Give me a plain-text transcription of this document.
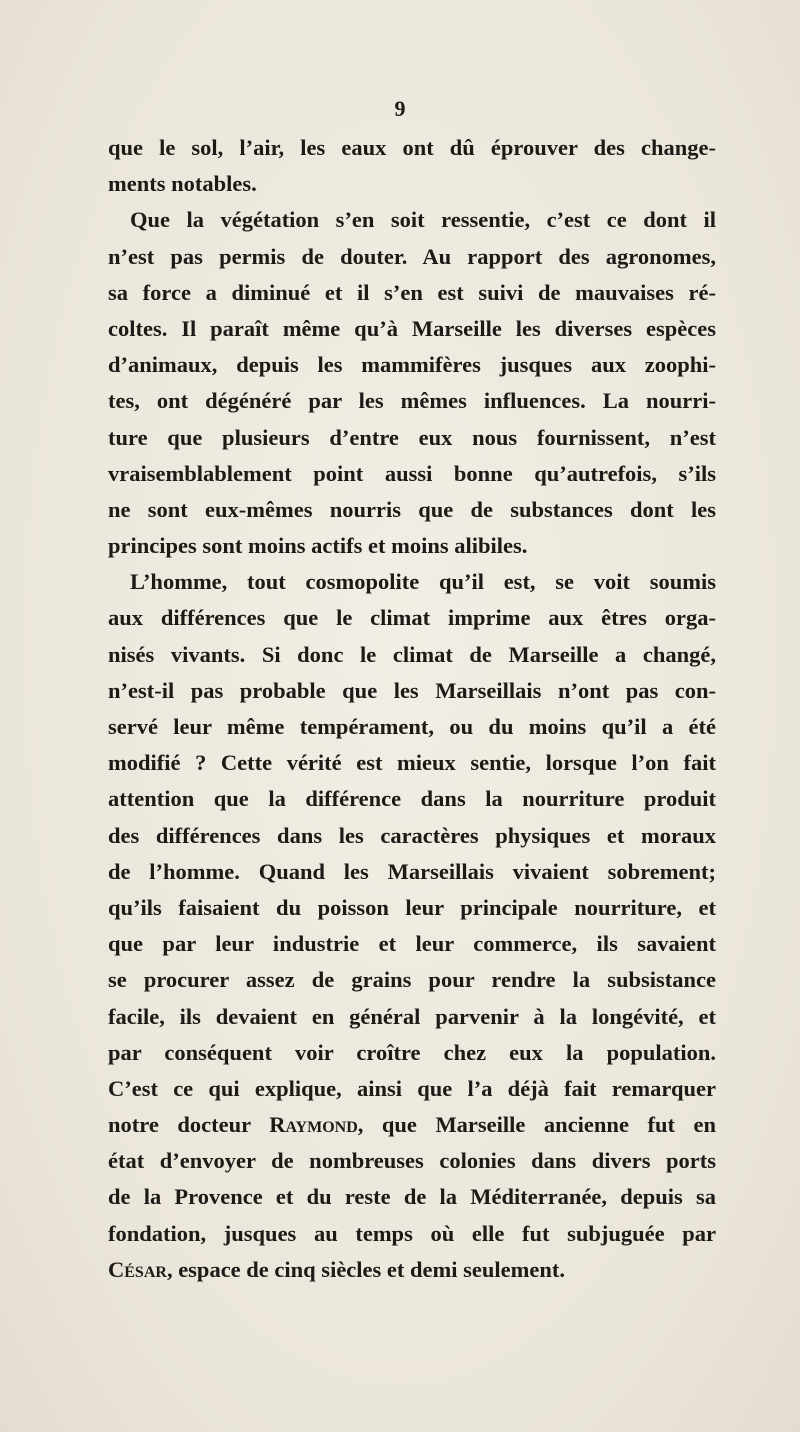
9
que le sol, l’air, les eaux ont dû éprouver des change-
ments notables.
Que la végétation s’en soit ressentie, c’est ce dont il
n’est pas permis de douter. Au rapport des agronomes,
sa force a diminué et il s’en est suivi de mauvaises ré-
coltes. Il paraît même qu’à Marseille les diverses espèces
d’animaux, depuis les mammifères jusques aux zoophi-
tes, ont dégénéré par les mêmes influences. La nourri-
ture que plusieurs d’entre eux nous fournissent, n’est
vraisemblablement point aussi bonne qu’autrefois, s’ils
ne sont eux-mêmes nourris que de substances dont les
principes sont moins actifs et moins alibiles.
L’homme, tout cosmopolite qu’il est, se voit soumis
aux différences que le climat imprime aux êtres orga-
nisés vivants. Si donc le climat de Marseille a changé,
n’est-il pas probable que les Marseillais n’ont pas con-
servé leur même tempérament, ou du moins qu’il a été
modifié ? Cette vérité est mieux sentie, lorsque l’on fait
attention que la différence dans la nourriture produit
des différences dans les caractères physiques et moraux
de l’homme. Quand les Marseillais vivaient sobrement;
qu’ils faisaient du poisson leur principale nourriture, et
que par leur industrie et leur commerce, ils savaient
se procurer assez de grains pour rendre la subsistance
facile, ils devaient en général parvenir à la longévité, et
par conséquent voir croître chez eux la population.
C’est ce qui explique, ainsi que l’a déjà fait remarquer
notre docteur Raymond, que Marseille ancienne fut en
état d’envoyer de nombreuses colonies dans divers ports
de la Provence et du reste de la Méditerranée, depuis sa
fondation, jusques au temps où elle fut subjuguée par
César, espace de cinq siècles et demi seulement.
